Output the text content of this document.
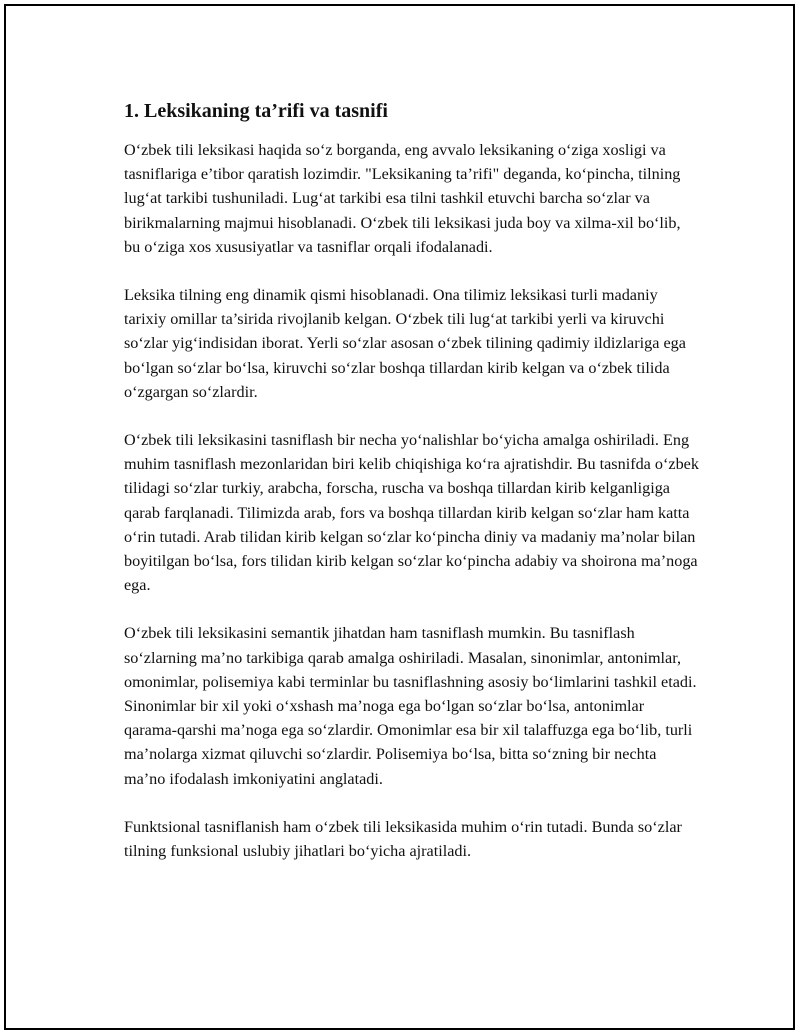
1. Leksikaning ta’rifi va tasnifi

O‘zbek tili leksikasi haqida so‘z borganda, eng avvalo leksikaning o‘ziga xosligi va tasniflariga e’tibor qaratish lozimdir. "Leksikaning ta’rifi" deganda, ko‘pincha, tilning lug‘at tarkibi tushuniladi. Lug‘at tarkibi esa tilni tashkil etuvchi barcha so‘zlar va birikmalarning majmui hisoblanadi. O‘zbek tili leksikasi juda boy va xilma-xil bo‘lib, bu o‘ziga xos xususiyatlar va tasniflar orqali ifodalanadi.

Leksika tilning eng dinamik qismi hisoblanadi. Ona tilimiz leksikasi turli madaniy tarixiy omillar ta’sirida rivojlanib kelgan. O‘zbek tili lug‘at tarkibi yerli va kiruvchi so‘zlar yig‘indisidan iborat. Yerli so‘zlar asosan o‘zbek tilining qadimiy ildizlariga ega bo‘lgan so‘zlar bo‘lsa, kiruvchi so‘zlar boshqa tillardan kirib kelgan va o‘zbek tilida o‘zgargan so‘zlardir.

O‘zbek tili leksikasini tasniflash bir necha yo‘nalishlar bo‘yicha amalga oshiriladi. Eng muhim tasniflash mezonlaridan biri kelib chiqishiga ko‘ra ajratishdir. Bu tasnifda o‘zbek tilidagi so‘zlar turkiy, arabcha, forscha, ruscha va boshqa tillardan kirib kelganligiga qarab farqlanadi. Tilimizda arab, fors va boshqa tillardan kirib kelgan so‘zlar ham katta o‘rin tutadi. Arab tilidan kirib kelgan so‘zlar ko‘pincha diniy va madaniy ma’nolar bilan boyitilgan bo‘lsa, fors tilidan kirib kelgan so‘zlar ko‘pincha adabiy va shoirona ma’noga ega.

O‘zbek tili leksikasini semantik jihatdan ham tasniflash mumkin. Bu tasniflash so‘zlarning ma’no tarkibiga qarab amalga oshiriladi. Masalan, sinonimlar, antonimlar, omonimlar, polisemiya kabi terminlar bu tasniflashning asosiy bo‘limlarini tashkil etadi. Sinonimlar bir xil yoki o‘xshash ma’noga ega bo‘lgan so‘zlar bo‘lsa, antonimlar qarama-qarshi ma’noga ega so‘zlardir. Omonimlar esa bir xil talaffuzga ega bo‘lib, turli ma’nolarga xizmat qiluvchi so‘zlardir. Polisemiya bo‘lsa, bitta so‘zning bir nechta ma’no ifodalash imkoniyatini anglatadi.

Funktsional tasniflanish ham o‘zbek tili leksikasida muhim o‘rin tutadi. Bunda so‘zlar tilning funksional uslubiy jihatlari bo‘yicha ajratiladi.
